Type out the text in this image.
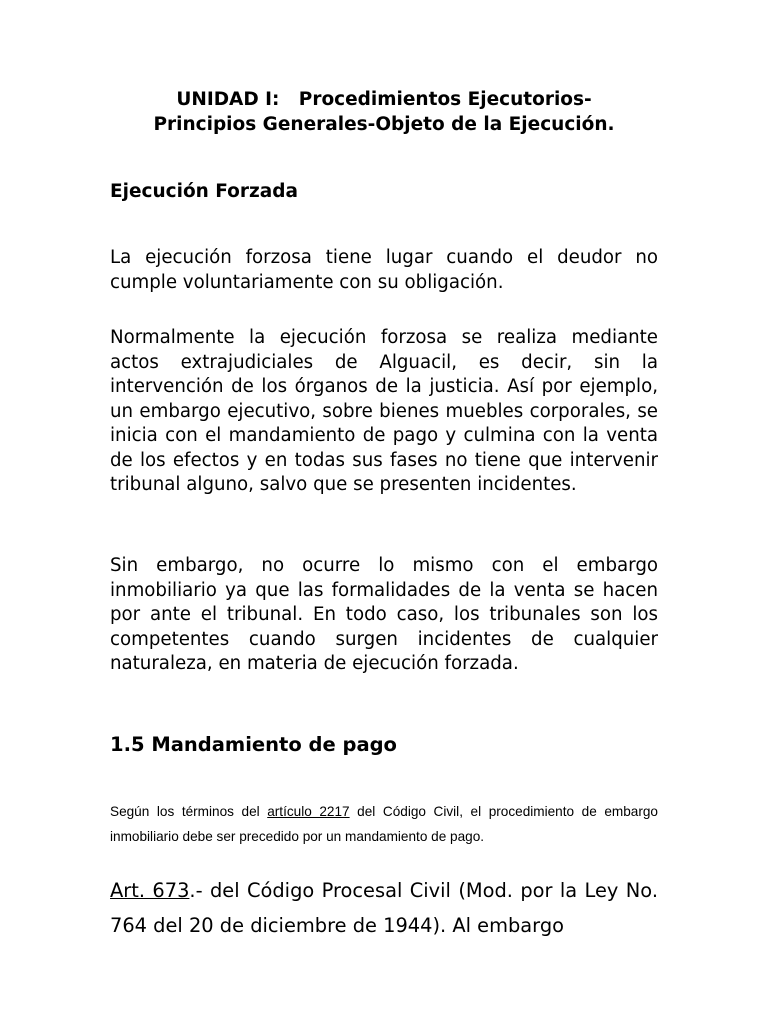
UNIDAD I:   Procedimientos Ejecutorios-
Principios Generales-Objeto de la Ejecución.
Ejecución Forzada

La ejecución forzosa tiene lugar cuando el deudor no cumple voluntariamente con su obligación.

Normalmente la ejecución forzosa se realiza mediante actos extrajudiciales de Alguacil, es decir, sin la intervención de los órganos de la justicia. Así por ejemplo, un embargo ejecutivo, sobre bienes muebles corporales, se inicia con el mandamiento de pago y culmina con la venta de los efectos y en todas sus fases no tiene que intervenir tribunal alguno, salvo que se presenten incidentes.

Sin embargo, no ocurre lo mismo con el embargo inmobiliario ya que las formalidades de la venta se hacen por ante el tribunal. En todo caso, los tribunales son los competentes cuando surgen incidentes de cualquier naturaleza, en materia de ejecución forzada.

1.5 Mandamiento de pago

Según los términos del artículo 2217 del Código Civil, el procedimiento de embargo inmobiliario debe ser precedido por un mandamiento de pago.

Art. 673.- del Código Procesal Civil (Mod. por la Ley No. 764 del 20 de diciembre de 1944). Al embargo
